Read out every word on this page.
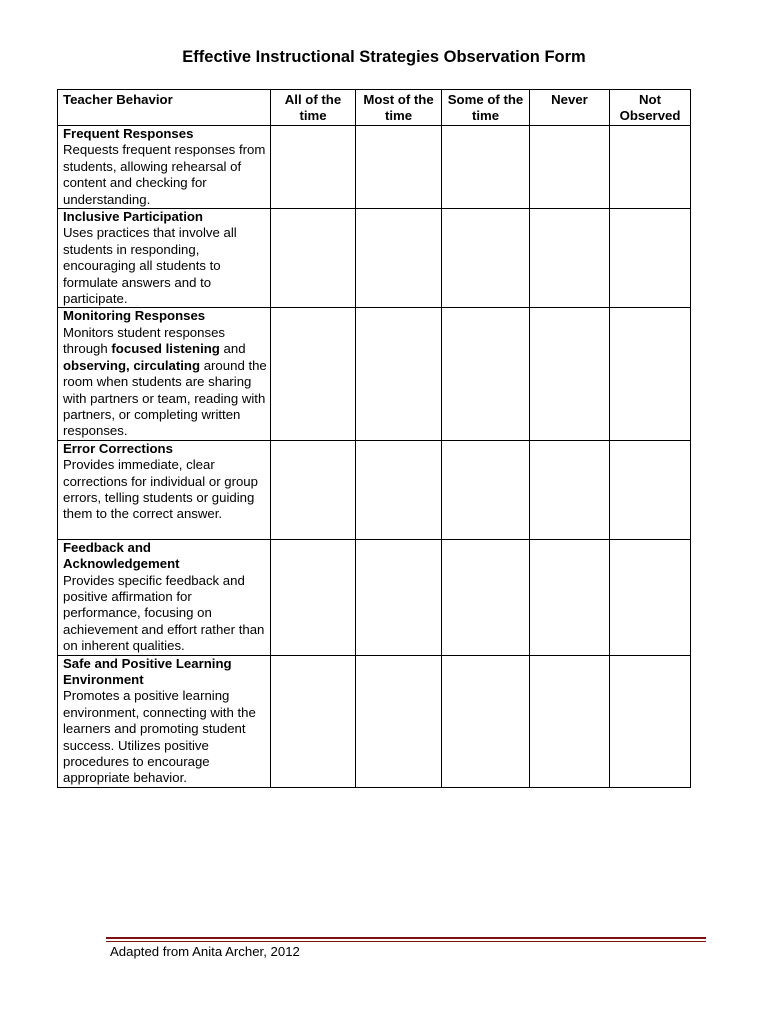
Effective Instructional Strategies Observation Form
Teacher Behavior	All of the time	Most of the time	Some of the time	Never	Not Observed

Frequent Responses
Requests frequent responses from students, allowing rehearsal of content and checking for understanding.					

Inclusive Participation
Uses practices that involve all students in responding, encouraging all students to formulate answers and to participate.					

Monitoring Responses
Monitors student responses through focused listening and observing, circulating around the room when students are sharing with partners or team, reading with partners, or completing written responses.					

Error Corrections
Provides immediate, clear corrections for individual or group errors, telling students or guiding them to the correct answer.					

Feedback and Acknowledgement
Provides specific feedback and positive affirmation for performance, focusing on achievement and effort rather than on inherent qualities.					

Safe and Positive Learning Environment
Promotes a positive learning environment, connecting with the learners and promoting student success. Utilizes positive procedures to encourage appropriate behavior.					
Adapted from Anita Archer, 2012
